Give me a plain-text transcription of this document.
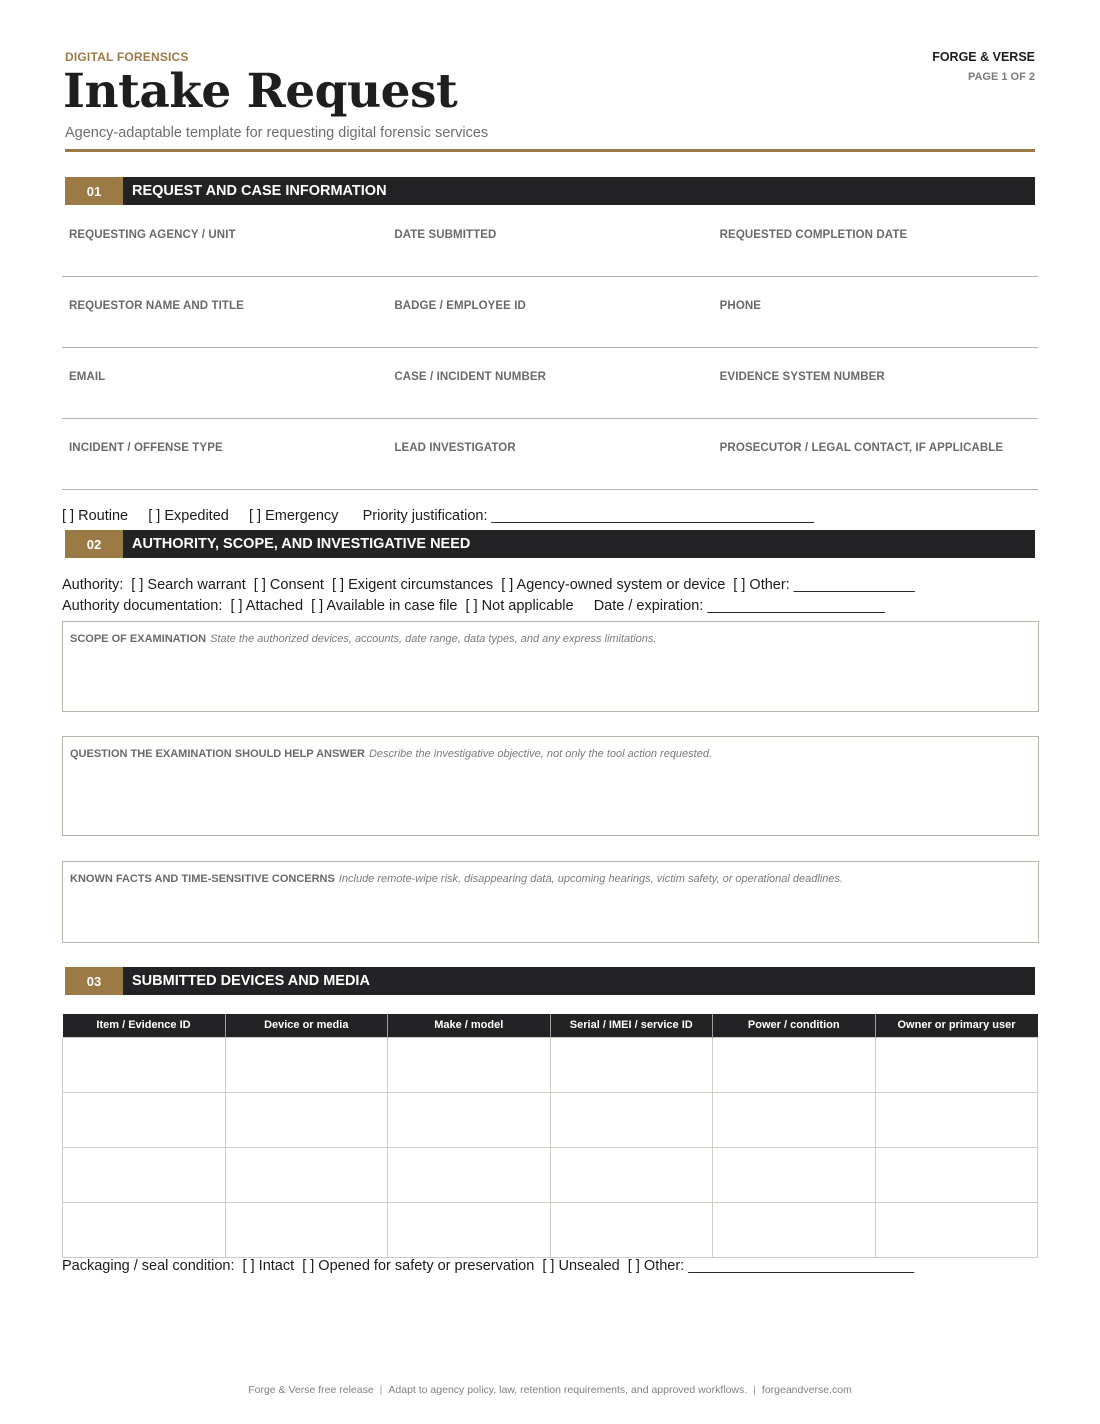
DIGITAL FORENSICS
Intake Request
Agency-adaptable template for requesting digital forensic services
FORGE & VERSE
PAGE 1 OF 2
01	REQUEST AND CASE INFORMATION
REQUESTING AGENCY / UNIT	DATE SUBMITTED	REQUESTED COMPLETION DATE
REQUESTOR NAME AND TITLE	BADGE / EMPLOYEE ID	PHONE
EMAIL	CASE / INCIDENT NUMBER	EVIDENCE SYSTEM NUMBER
INCIDENT / OFFENSE TYPE	LEAD INVESTIGATOR	PROSECUTOR / LEGAL CONTACT, IF APPLICABLE
[ ] Routine     [ ] Expedited     [ ] Emergency      Priority justification: ________________________________________
02	AUTHORITY, SCOPE, AND INVESTIGATIVE NEED
Authority:  [ ] Search warrant  [ ] Consent  [ ] Exigent circumstances  [ ] Agency-owned system or device  [ ] Other: _______________
Authority documentation:  [ ] Attached  [ ] Available in case file  [ ] Not applicable     Date / expiration: ______________________
SCOPE OF EXAMINATION State the authorized devices, accounts, date range, data types, and any express limitations.
QUESTION THE EXAMINATION SHOULD HELP ANSWER Describe the investigative objective, not only the tool action requested.
KNOWN FACTS AND TIME-SENSITIVE CONCERNS Include remote-wipe risk, disappearing data, upcoming hearings, victim safety, or operational deadlines.
03	SUBMITTED DEVICES AND MEDIA
Item / Evidence ID	Device or media	Make / model	Serial / IMEI / service ID	Power / condition	Owner or primary user

Packaging / seal condition:  [ ] Intact  [ ] Opened for safety or preservation  [ ] Unsealed  [ ] Other: ____________________________
Forge & Verse free release | Adapt to agency policy, law, retention requirements, and approved workflows. | forgeandverse.com
